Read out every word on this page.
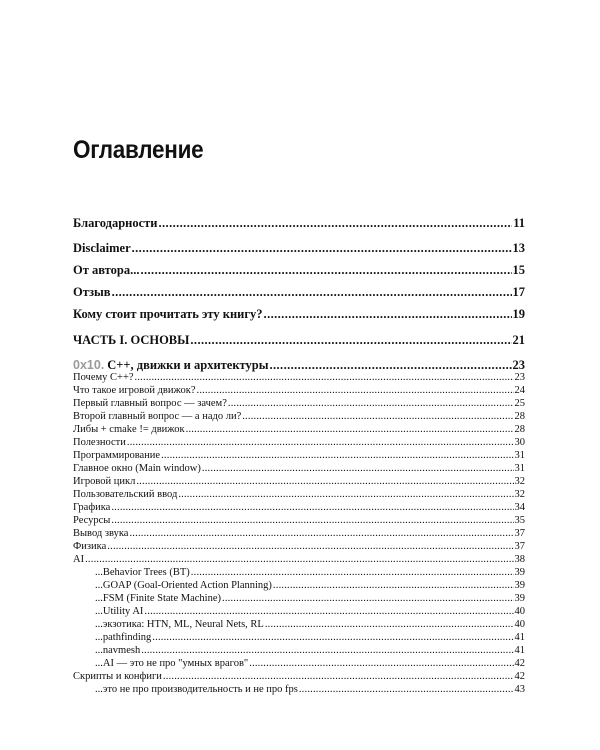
Оглавление
Благодарности .....	11
Disclaimer .....	13
От автора... .....	15
Отзыв .....	17
Кому стоит прочитать эту книгу? .....	19
ЧАСТЬ I. ОСНОВЫ .....	21
0x10. С++, движки и архитектуры .....	23
Почему С++? .....	23
Что такое игровой движок? .....	24
Первый главный вопрос — зачем? .....	25
Второй главный вопрос — а надо ли? .....	28
Либы + cmake != движок .....	28
Полезности .....	30
Программирование .....	31
Главное окно (Main window) .....	31
Игровой цикл .....	32
Пользовательский ввод .....	32
Графика .....	34
Ресурсы .....	35
Вывод звука .....	37
Физика .....	37
AI .....	38
...Behavior Trees (BT) .....	39
...GOAP (Goal-Oriented Action Planning) .....	39
...FSM (Finite State Machine) .....	39
...Utility AI .....	40
...экзотика: HTN, ML, Neural Nets, RL .....	40
...pathfinding .....	41
...navmesh .....	41
...AI — это не про "умных врагов" .....	42
Скрипты и конфиги .....	42
...это не про производительность и не про fps .....	43
